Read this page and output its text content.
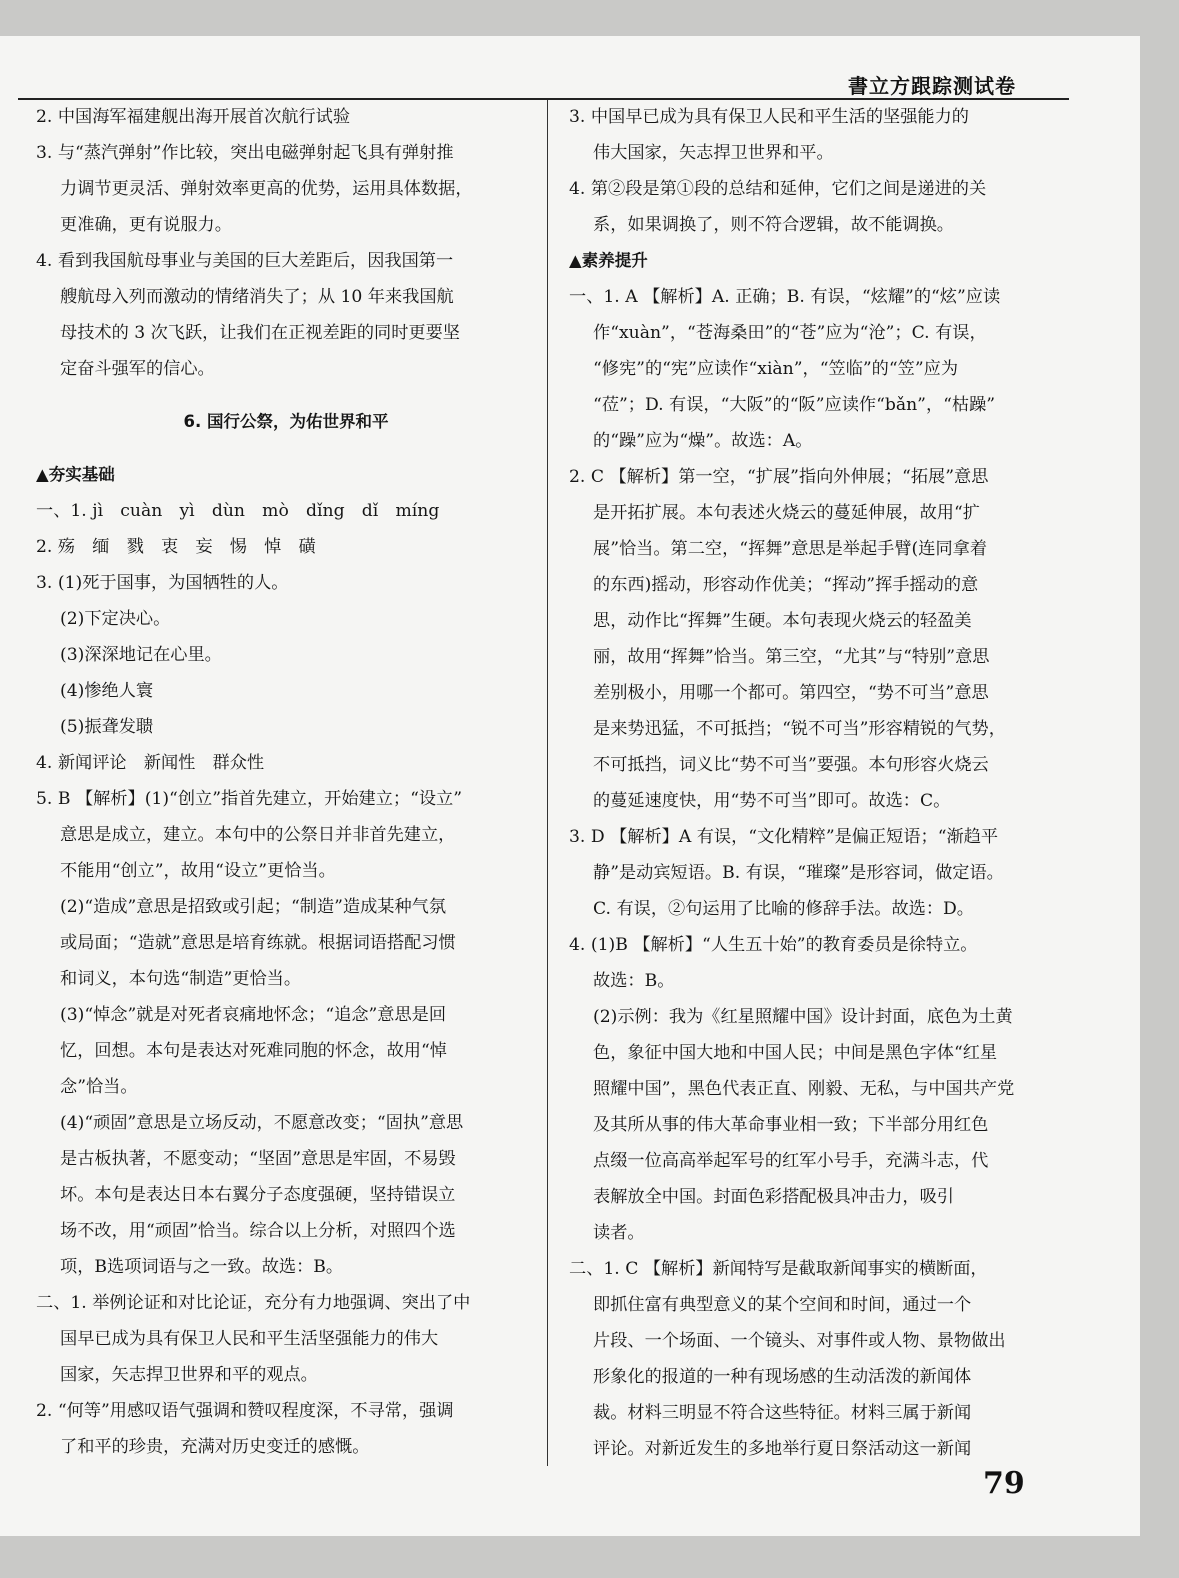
書立方跟踪测试卷
2. 中国海军福建舰出海开展首次航行试验
3. 与“蒸汽弹射”作比较，突出电磁弹射起飞具有弹射推
力调节更灵活、弹射效率更高的优势，运用具体数据，
更准确，更有说服力。
4. 看到我国航母事业与美国的巨大差距后，因我国第一
艘航母入列而激动的情绪消失了；从 10 年来我国航
母技术的 3 次飞跃，让我们在正视差距的同时更要坚
定奋斗强军的信心。
6. 国行公祭，为佑世界和平
▲夯实基础
一、1. jì　cuàn　yì　dùn　mò　dǐng　dǐ　míng
2. 殇　缅　戮　衷　妄　惕　悼　磺
3. (1)死于国事，为国牺牲的人。
(2)下定决心。
(3)深深地记在心里。
(4)惨绝人寰
(5)振聋发聩
4. 新闻评论　新闻性　群众性
5. B 【解析】(1)“创立”指首先建立，开始建立；“设立”
意思是成立，建立。本句中的公祭日并非首先建立，
不能用“创立”，故用“设立”更恰当。
(2)“造成”意思是招致或引起；“制造”造成某种气氛
或局面；“造就”意思是培育练就。根据词语搭配习惯
和词义，本句选“制造”更恰当。
(3)“悼念”就是对死者哀痛地怀念；“追念”意思是回
忆，回想。本句是表达对死难同胞的怀念，故用“悼
念”恰当。
(4)“顽固”意思是立场反动，不愿意改变；“固执”意思
是古板执著，不愿变动；“坚固”意思是牢固，不易毁
坏。本句是表达日本右翼分子态度强硬，坚持错误立
场不改，用“顽固”恰当。综合以上分析，对照四个选
项，B选项词语与之一致。故选：B。
二、1. 举例论证和对比论证，充分有力地强调、突出了中
国早已成为具有保卫人民和平生活坚强能力的伟大
国家，矢志捍卫世界和平的观点。
2. “何等”用感叹语气强调和赞叹程度深，不寻常，强调
了和平的珍贵，充满对历史变迁的感慨。
3. 中国早已成为具有保卫人民和平生活的坚强能力的
伟大国家，矢志捍卫世界和平。
4. 第②段是第①段的总结和延伸，它们之间是递进的关
系，如果调换了，则不符合逻辑，故不能调换。
▲素养提升
一、1. A 【解析】A. 正确；B. 有误，“炫耀”的“炫”应读
作“xuàn”，“苍海桑田”的“苍”应为“沧”；C. 有误，
“修宪”的“宪”应读作“xiàn”，“笠临”的“笠”应为
“莅”；D. 有误，“大阪”的“阪”应读作“bǎn”，“枯躁”
的“躁”应为“燥”。故选：A。
2. C 【解析】第一空，“扩展”指向外伸展；“拓展”意思
是开拓扩展。本句表述火烧云的蔓延伸展，故用“扩
展”恰当。第二空，“挥舞”意思是举起手臂(连同拿着
的东西)摇动，形容动作优美；“挥动”挥手摇动的意
思，动作比“挥舞”生硬。本句表现火烧云的轻盈美
丽，故用“挥舞”恰当。第三空，“尤其”与“特别”意思
差别极小，用哪一个都可。第四空，“势不可当”意思
是来势迅猛，不可抵挡；“锐不可当”形容精锐的气势，
不可抵挡，词义比“势不可当”要强。本句形容火烧云
的蔓延速度快，用“势不可当”即可。故选：C。
3. D 【解析】A 有误，“文化精粹”是偏正短语；“渐趋平
静”是动宾短语。B. 有误，“璀璨”是形容词，做定语。
C. 有误，②句运用了比喻的修辞手法。故选：D。
4. (1)B 【解析】“人生五十始”的教育委员是徐特立。
故选：B。
(2)示例：我为《红星照耀中国》设计封面，底色为土黄
色，象征中国大地和中国人民；中间是黑色字体“红星
照耀中国”，黑色代表正直、刚毅、无私，与中国共产党
及其所从事的伟大革命事业相一致；下半部分用红色
点缀一位高高举起军号的红军小号手，充满斗志，代
表解放全中国。封面色彩搭配极具冲击力，吸引
读者。
二、1. C 【解析】新闻特写是截取新闻事实的横断面，
即抓住富有典型意义的某个空间和时间，通过一个
片段、一个场面、一个镜头、对事件或人物、景物做出
形象化的报道的一种有现场感的生动活泼的新闻体
裁。材料三明显不符合这些特征。材料三属于新闻
评论。对新近发生的多地举行夏日祭活动这一新闻
79
